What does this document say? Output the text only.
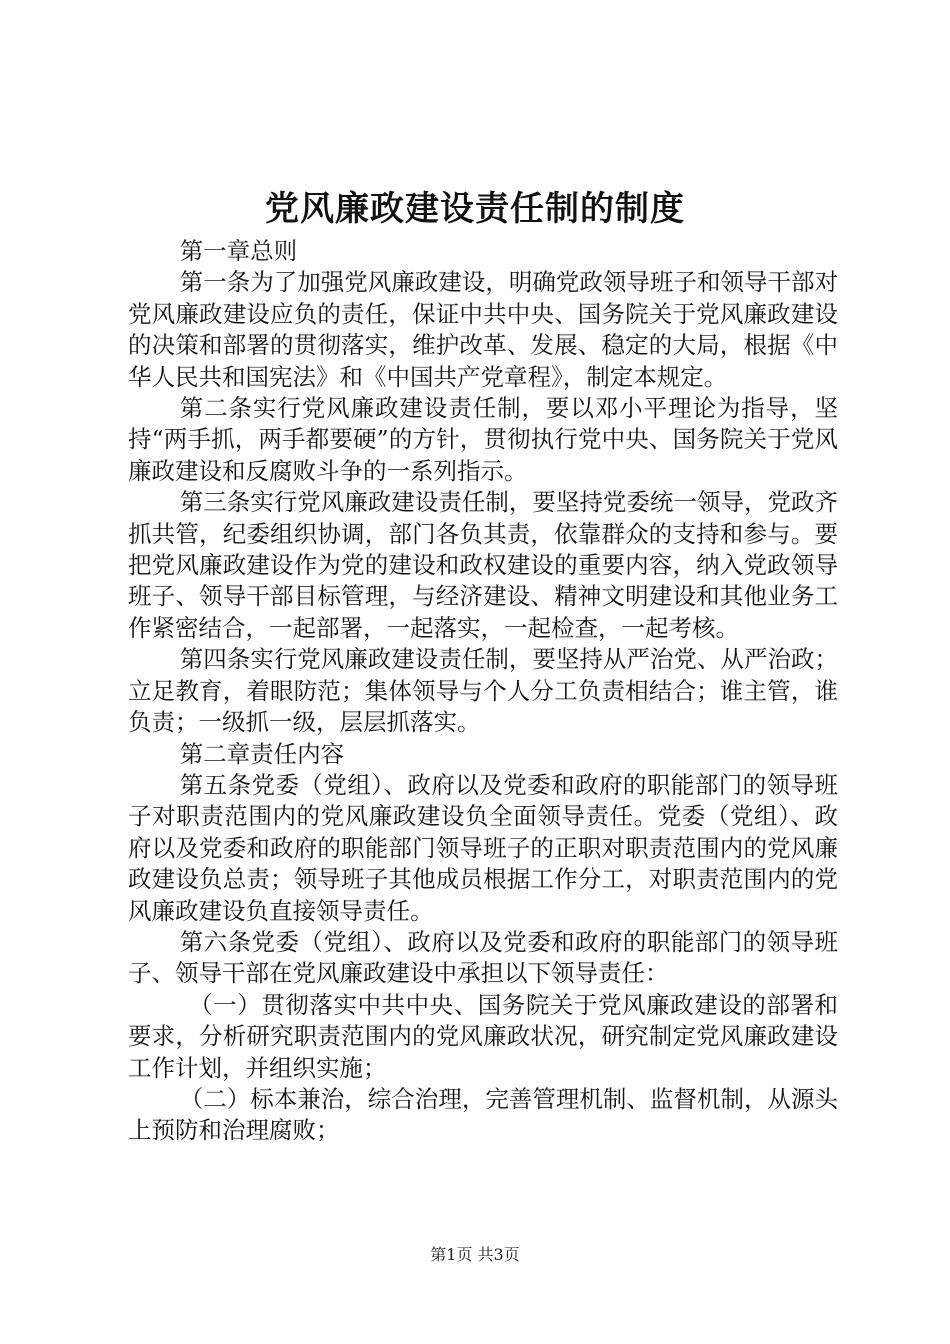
党风廉政建设责任制的制度

第一章总则

第一条为了加强党风廉政建设，明确党政领导班子和领导干部对党风廉政建设应负的责任，保证中共中央、国务院关于党风廉政建设的决策和部署的贯彻落实，维护改革、发展、稳定的大局，根据《中华人民共和国宪法》和《中国共产党章程》，制定本规定。

第二条实行党风廉政建设责任制，要以邓小平理论为指导，坚持“两手抓，两手都要硬”的方针，贯彻执行党中央、国务院关于党风廉政建设和反腐败斗争的一系列指示。

第三条实行党风廉政建设责任制，要坚持党委统一领导，党政齐抓共管，纪委组织协调，部门各负其责，依靠群众的支持和参与。要把党风廉政建设作为党的建设和政权建设的重要内容，纳入党政领导班子、领导干部目标管理，与经济建设、精神文明建设和其他业务工作紧密结合，一起部署，一起落实，一起检查，一起考核。

第四条实行党风廉政建设责任制，要坚持从严治党、从严治政；立足教育，着眼防范；集体领导与个人分工负责相结合；谁主管，谁负责；一级抓一级，层层抓落实。

第二章责任内容

第五条党委（党组）、政府以及党委和政府的职能部门的领导班子对职责范围内的党风廉政建设负全面领导责任。党委（党组）、政府以及党委和政府的职能部门领导班子的正职对职责范围内的党风廉政建设负总责；领导班子其他成员根据工作分工，对职责范围内的党风廉政建设负直接领导责任。

第六条党委（党组）、政府以及党委和政府的职能部门的领导班子、领导干部在党风廉政建设中承担以下领导责任：

（一）贯彻落实中共中央、国务院关于党风廉政建设的部署和要求，分析研究职责范围内的党风廉政状况，研究制定党风廉政建设工作计划，并组织实施；

（二）标本兼治，综合治理，完善管理机制、监督机制，从源头上预防和治理腐败；

第1页 共3页
